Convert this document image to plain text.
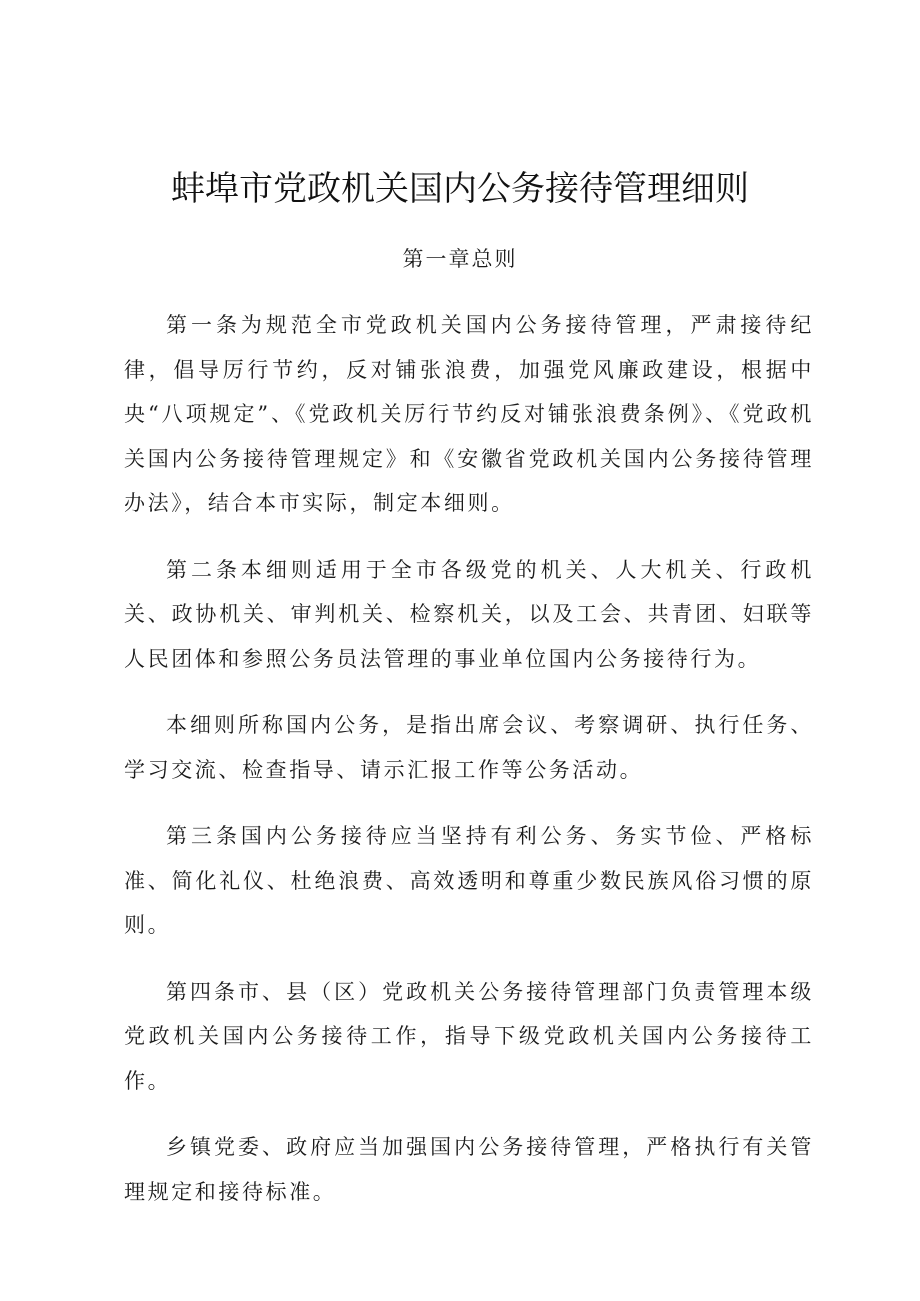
蚌埠市党政机关国内公务接待管理细则
第一章总则

第一条为规范全市党政机关国内公务接待管理，严肃接待纪律，倡导厉行节约，反对铺张浪费，加强党风廉政建设，根据中央“八项规定”、《党政机关厉行节约反对铺张浪费条例》、《党政机关国内公务接待管理规定》和《安徽省党政机关国内公务接待管理办法》，结合本市实际，制定本细则。

第二条本细则适用于全市各级党的机关、人大机关、行政机关、政协机关、审判机关、检察机关，以及工会、共青团、妇联等人民团体和参照公务员法管理的事业单位国内公务接待行为。

本细则所称国内公务，是指出席会议、考察调研、执行任务、学习交流、检查指导、请示汇报工作等公务活动。

第三条国内公务接待应当坚持有利公务、务实节俭、严格标准、简化礼仪、杜绝浪费、高效透明和尊重少数民族风俗习惯的原则。

第四条市、县（区）党政机关公务接待管理部门负责管理本级党政机关国内公务接待工作，指导下级党政机关国内公务接待工作。

乡镇党委、政府应当加强国内公务接待管理，严格执行有关管理规定和接待标准。
